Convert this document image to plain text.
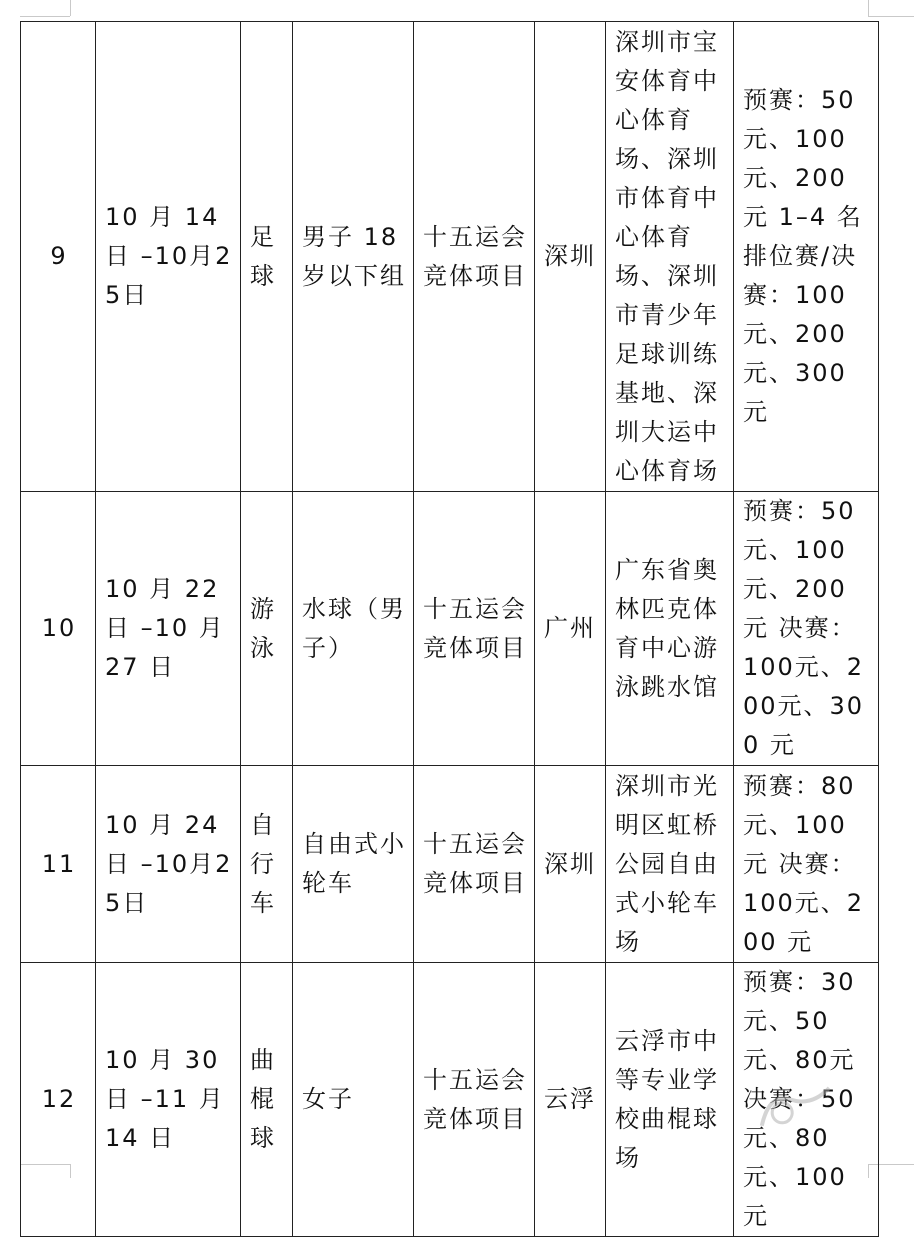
9	10 月 14 日 –10月25日	足球	男子 18 岁以下组	十五运会竞体项目	深圳	深圳市宝安体育中心体育场、深圳市体育中心体育场、深圳市青少年足球训练基地、深圳大运中心体育场	预赛：50元、100元、200元 1–4 名排位赛/决赛：100元、200元、300 元
10	10 月 22 日 –10 月 27 日	游泳	水球（男子）	十五运会竞体项目	广州	广东省奥林匹克体育中心游泳跳水馆	预赛：50元、100元、200 元 决赛：100元、200元、300 元
11	10 月 24 日 –10月25日	自行车	自由式小轮车	十五运会竞体项目	深圳	深圳市光明区虹桥公园自由式小轮车场	预赛：80元、100 元 决赛：100元、200 元
12	10 月 30 日 –11 月 14 日	曲棍球	女子	十五运会竞体项目	云浮	云浮市中等专业学校曲棍球场	预赛：30元、50元、80元 决赛：50元、80元、100元
